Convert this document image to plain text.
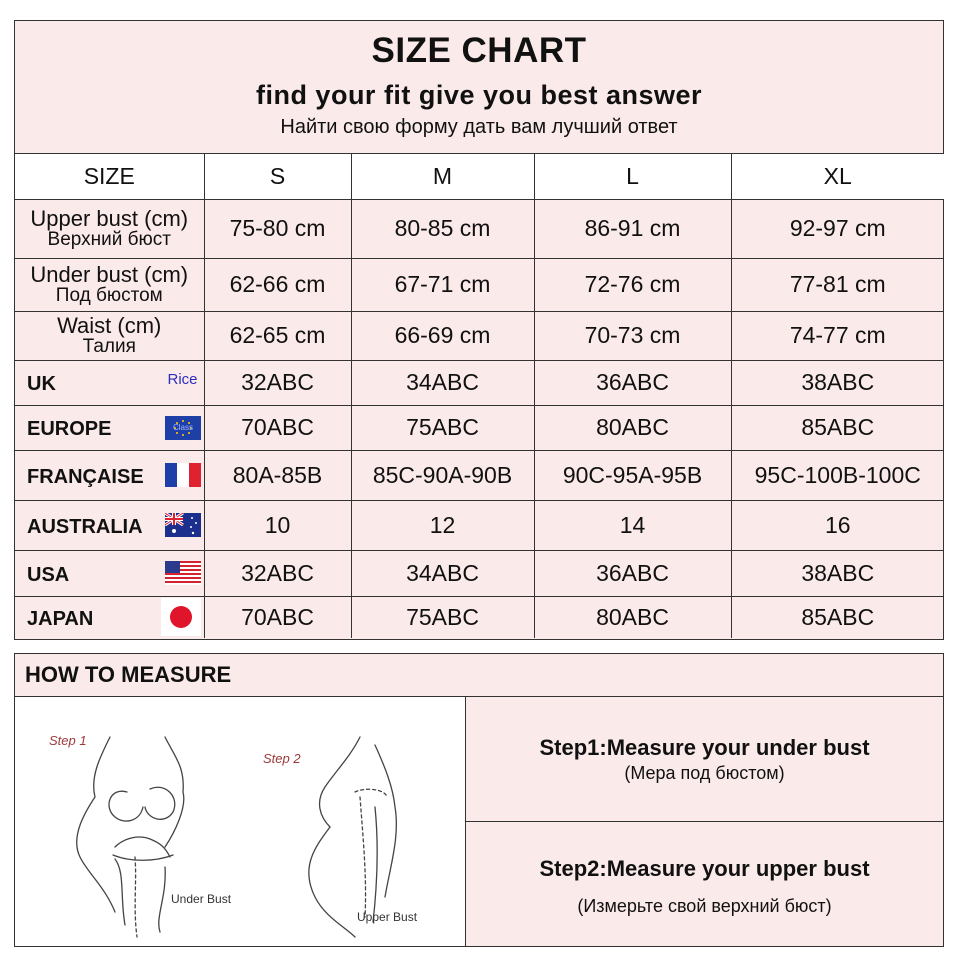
SIZE CHART
find your fit give you best answer
Найти свою форму дать вам лучший ответ
SIZE	S	M	L	XL

Upper bust (cm)
Верхний бюст	75-80 cm	80-85 cm	86-91 cm	92-97 cm

Under bust (cm)
Под бюстом	62-66 cm	67-71 cm	72-76 cm	77-81 cm

Waist (cm)
Талия	62-65 cm	66-69 cm	70-73 cm	74-77 cm
UK Rice	32ABC	34ABC	36ABC	38ABC
EUROPE Class	70ABC	75ABC	80ABC	85ABC
FRANÇAISE	80A-85B	85C-90A-90B	90C-95A-95B	95C-100B-100C
AUSTRALIA	10	12	14	16
USA	32ABC	34ABC	36ABC	38ABC
JAPAN	70ABC	75ABC	80ABC	85ABC
HOW TO MEASURE
Step 1
Step 2
Under Bust
Upper Bust
Step1:Measure your under bust
(Мера под бюстом)
Step2:Measure your upper bust
(Измерьте свой верхний бюст)
